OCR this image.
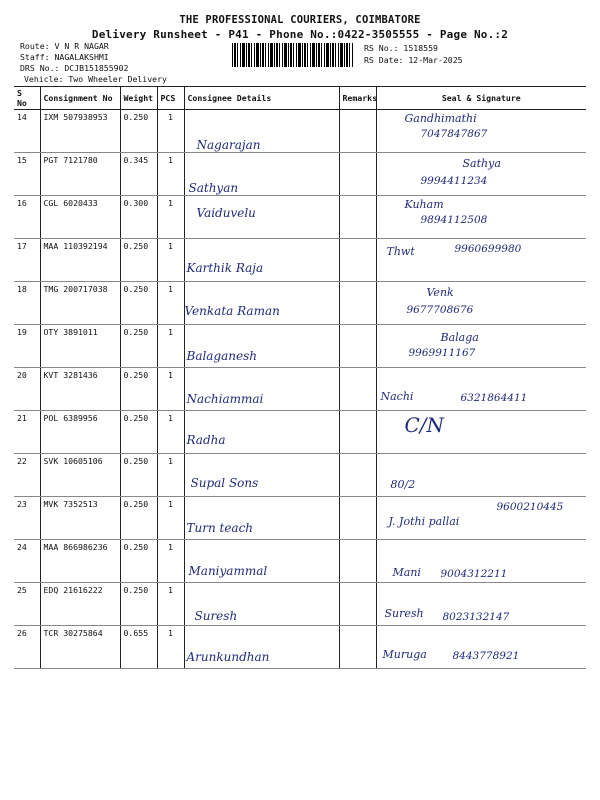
THE PROFESSIONAL COURIERS, COIMBATORE
Delivery Runsheet - P41 - Phone No.:0422-3505555 - Page No.:2
Route: V N R NAGAR
Staff: NAGALAKSHMI
DRS No.: DCJB151855902
Vehicle: Two Wheeler Delivery
RS No.: 1518559
RS Date: 12-Mar-2025
S No	Consignment No	Weight	PCS	Consignee Details	Remarks	Seal & Signature
14	IXM 507938953	0.250	1	Nagarajan		Gandhimathi
7047847867

15	PGT 7121780	0.345	1	Sathyan		Sathya
9994411234

16	CGL 6020433	0.300	1	Vaiduvelu		Kuham
9894112508

17	MAA 110392194	0.250	1	Karthik Raja		Thwt 9960699980

18	TMG 200717038	0.250	1	Venkata Raman		Venk
9677708676

19	OTY 3891011	0.250	1	Balaganesh		Balaga
9969911167

20	KVT 3281436	0.250	1	Nachiammai		Nachi 6321864411

21	POL 6389956	0.250	1	Radha		C/N

22	SVK 10605106	0.250	1	Supal Sons		80/2

23	MVK 7352513	0.250	1	Turn teach		J. Jothi pallai
9600210445

24	MAA 866986236	0.250	1	Maniyammal		Mani 9004312211

25	EDQ 21616222	0.250	1	Suresh		Suresh 8023132147

26	TCR 30275864	0.655	1	Arunkundhan		Muruga 8443778921
